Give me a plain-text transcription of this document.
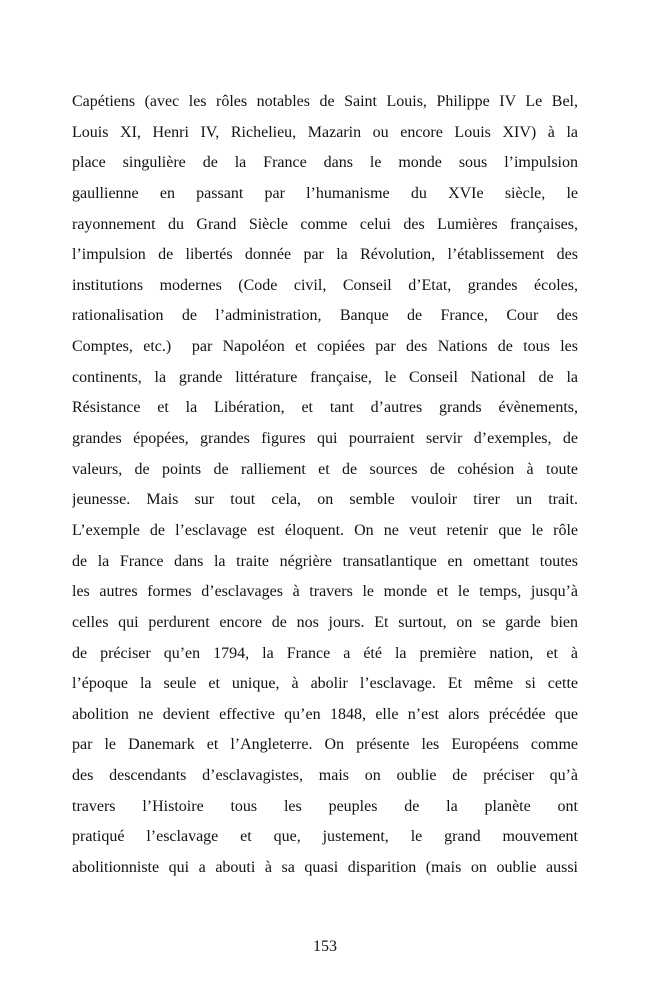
Capétiens (avec les rôles notables de Saint Louis, Philippe IV Le Bel,
Louis XI, Henri IV, Richelieu, Mazarin ou encore Louis XIV) à la
place singulière de la France dans le monde sous l’impulsion
gaullienne en passant par l’humanisme du XVIe siècle, le
rayonnement du Grand Siècle comme celui des Lumières françaises,
l’impulsion de libertés donnée par la Révolution, l’établissement des
institutions modernes (Code civil, Conseil d’Etat, grandes écoles,
rationalisation de l’administration, Banque de France, Cour des
Comptes, etc.)  par Napoléon et copiées par des Nations de tous les
continents, la grande littérature française, le Conseil National de la
Résistance et la Libération, et tant d’autres grands évènements,
grandes épopées, grandes figures qui pourraient servir d’exemples, de
valeurs, de points de ralliement et de sources de cohésion à toute
jeunesse. Mais sur tout cela, on semble vouloir tirer un trait.
L’exemple de l’esclavage est éloquent. On ne veut retenir que le rôle
de la France dans la traite négrière transatlantique en omettant toutes
les autres formes d’esclavages à travers le monde et le temps, jusqu’à
celles qui perdurent encore de nos jours. Et surtout, on se garde bien
de préciser qu’en 1794, la France a été la première nation, et à
l’époque la seule et unique, à abolir l’esclavage. Et même si cette
abolition ne devient effective qu’en 1848, elle n’est alors précédée que
par le Danemark et l’Angleterre. On présente les Européens comme
des descendants d’esclavagistes, mais on oublie de préciser qu’à
travers l’Histoire tous les peuples de la planète ont
pratiqué l’esclavage et que, justement, le grand mouvement
abolitionniste qui a abouti à sa quasi disparition (mais on oublie aussi
153
